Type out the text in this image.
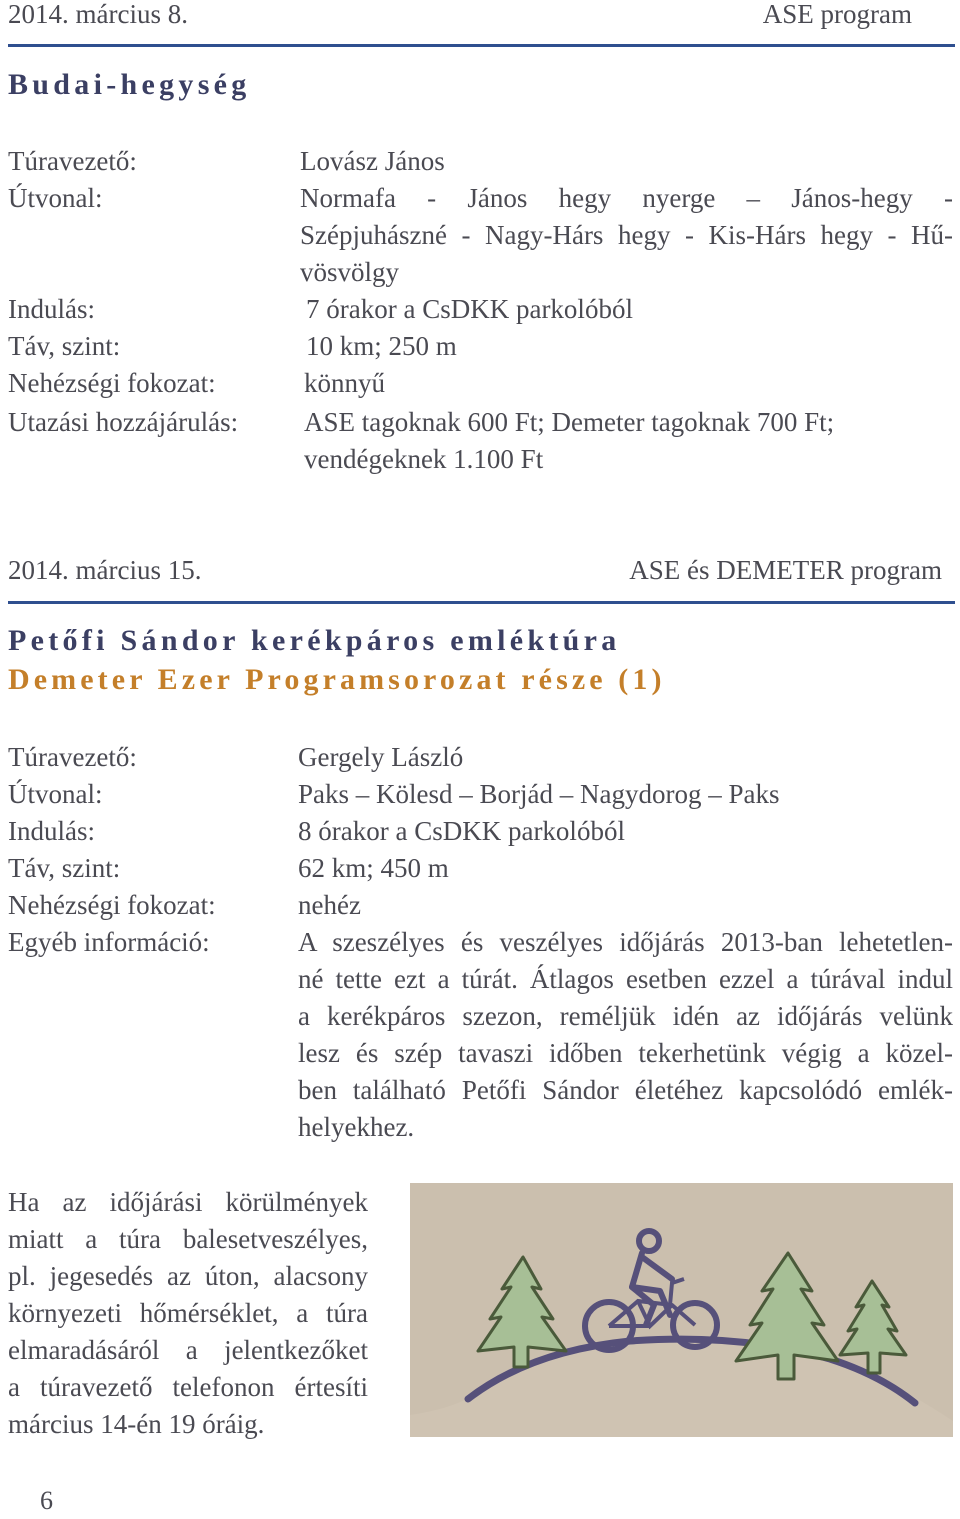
2014. március 8.	ASE program
Budai-hegység
Túravezető:	Lovász János
Útvonal:	Normafa - János hegy nyerge – János-hegy -
Szépjuhászné - Nagy-Hárs hegy - Kis-Hárs hegy - Hű-
vösvölgy
Indulás:	7 órakor a CsDKK parkolóból
Táv, szint:	10 km; 250 m
Nehézségi fokozat:	könnyű
Utazási hozzájárulás: ASE tagoknak 600 Ft; Demeter tagoknak 700 Ft;
vendégeknek 1.100 Ft
2014. március 15.	ASE és DEMETER program
Petőfi Sándor kerékpáros emléktúra
Demeter Ezer Programsorozat része (1)
Túravezető:	Gergely László
Útvonal:	Paks – Kölesd – Borjád – Nagydorog – Paks
Indulás:	8 órakor a CsDKK parkolóból
Táv, szint:	62 km; 450 m
Nehézségi fokozat:	nehéz
Egyéb információ:	A szeszélyes és veszélyes időjárás 2013-ban lehetetlen-
né tette ezt a túrát. Átlagos esetben ezzel a túrával indul
a kerékpáros szezon, reméljük idén az időjárás velünk
lesz és szép tavaszi időben tekerhetünk végig a közel-
ben található Petőfi Sándor életéhez kapcsolódó emlék-
helyekhez.
Ha az időjárási körülmények
miatt a túra balesetveszélyes,
pl. jegesedés az úton, alacsony
környezeti hőmérséklet, a túra
elmaradásáról a jelentkezőket
a túravezető telefonon értesíti
március 14-én 19 óráig.
6
